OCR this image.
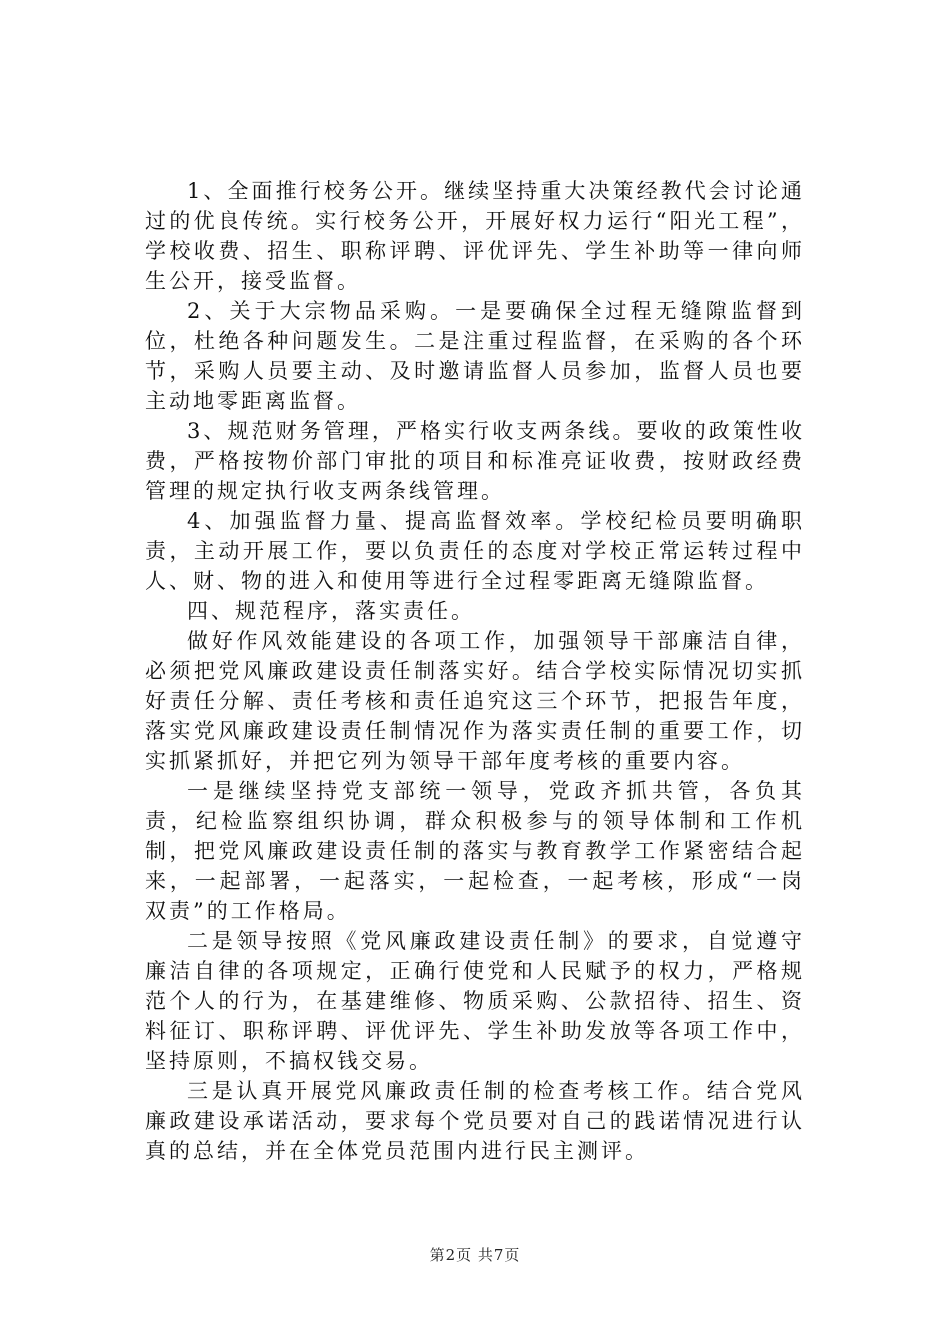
1、全面推行校务公开。继续坚持重大决策经教代会讨论通过的优良传统。实行校务公开，开展好权力运行“阳光工程”，学校收费、招生、职称评聘、评优评先、学生补助等一律向师生公开，接受监督。

2、关于大宗物品采购。一是要确保全过程无缝隙监督到位，杜绝各种问题发生。二是注重过程监督，在采购的各个环节，采购人员要主动、及时邀请监督人员参加，监督人员也要主动地零距离监督。

3、规范财务管理，严格实行收支两条线。要收的政策性收费，严格按物价部门审批的项目和标准亮证收费，按财政经费管理的规定执行收支两条线管理。

4、加强监督力量、提高监督效率。学校纪检员要明确职责，主动开展工作，要以负责任的态度对学校正常运转过程中人、财、物的进入和使用等进行全过程零距离无缝隙监督。

四、规范程序，落实责任。

做好作风效能建设的各项工作，加强领导干部廉洁自律，必须把党风廉政建设责任制落实好。结合学校实际情况切实抓好责任分解、责任考核和责任追究这三个环节，把报告年度，落实党风廉政建设责任制情况作为落实责任制的重要工作，切实抓紧抓好，并把它列为领导干部年度考核的重要内容。

一是继续坚持党支部统一领导，党政齐抓共管，各负其责，纪检监察组织协调，群众积极参与的领导体制和工作机制，把党风廉政建设责任制的落实与教育教学工作紧密结合起来，一起部署，一起落实，一起检查，一起考核，形成“一岗双责”的工作格局。

二是领导按照《党风廉政建设责任制》的要求，自觉遵守廉洁自律的各项规定，正确行使党和人民赋予的权力，严格规范个人的行为，在基建维修、物质采购、公款招待、招生、资料征订、职称评聘、评优评先、学生补助发放等各项工作中，坚持原则，不搞权钱交易。

三是认真开展党风廉政责任制的检查考核工作。结合党风廉政建设承诺活动，要求每个党员要对自己的践诺情况进行认真的总结，并在全体党员范围内进行民主测评。

第2页 共7页
